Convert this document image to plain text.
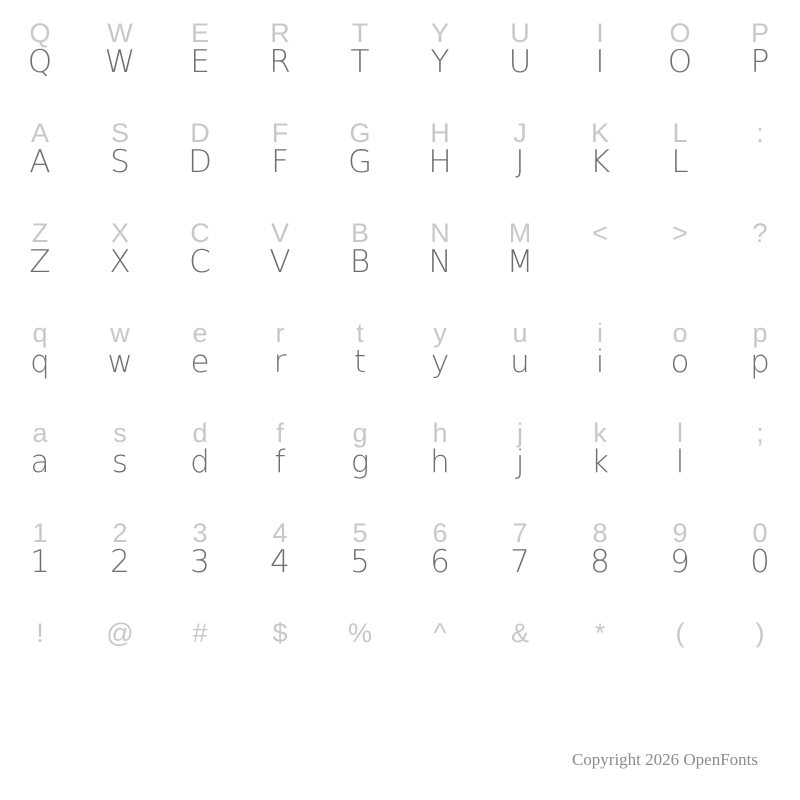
Q	W	E	R	T	Y	U	I	O	P
Q	W	E	R	T	Y	U	I	O	P
A	S	D	F	G	H	J	K	L	:
A	S	D	F	G	H	J	K	L
Z	X	C	V	B	N	M	<	>	?
Z	X	C	V	B	N	M
q	w	e	r	t	y	u	i	o	p
q	w	e	r	t	y	u	i	o	p
a	s	d	f	g	h	j	k	l	;
a	s	d	f	g	h	j	k	l
1	2	3	4	5	6	7	8	9	0
1	2	3	4	5	6	7	8	9	0
!	@	#	$	%	^	&	*	(	)
Copyright 2026 OpenFonts
